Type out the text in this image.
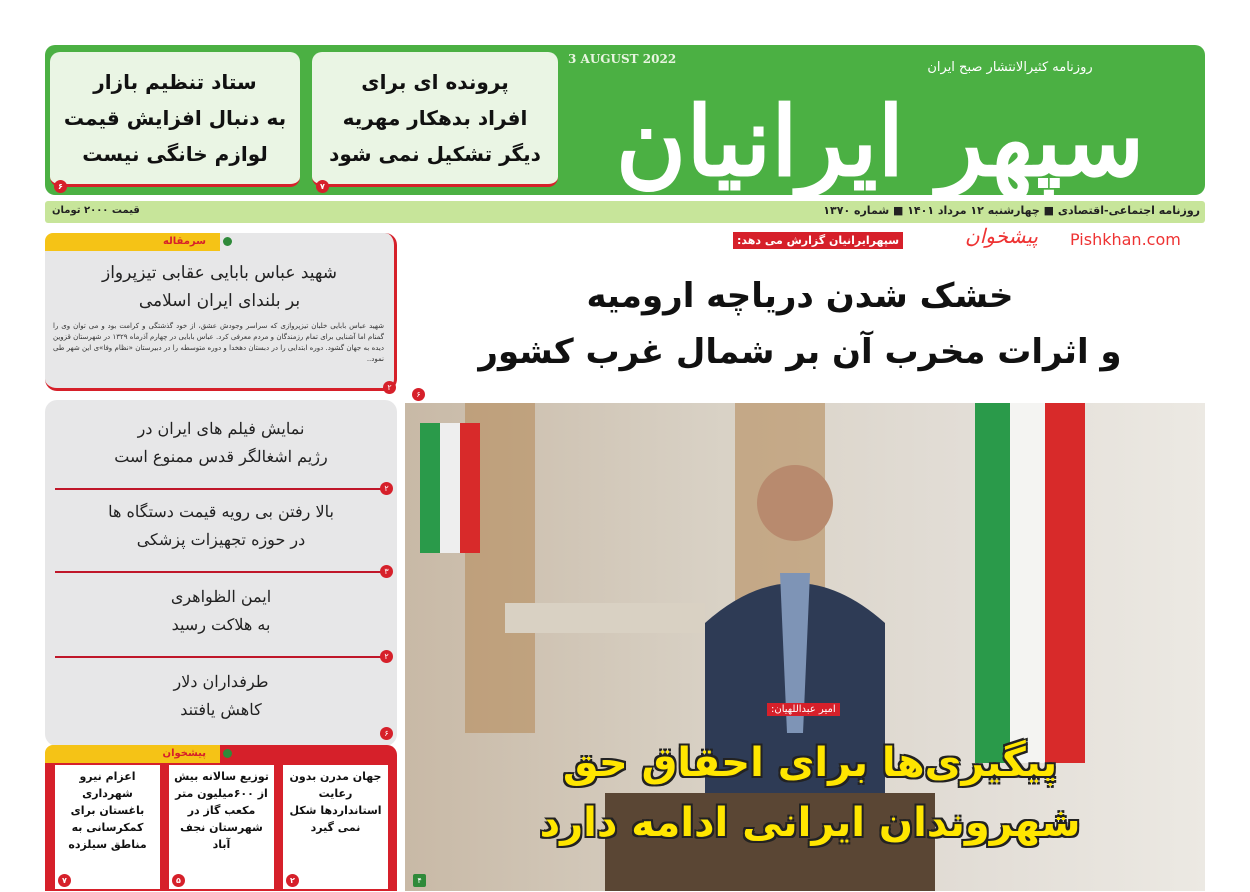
سپهر ایرانیان
3 AUGUST 2022
روزنامه کثیرالانتشار صبح ایران
ستاد تنظیم بازار
به دنبال افزایش قیمت
لوازم خانگی نیست
۶
پرونده ای برای
افراد بدهکار مهریه
دیگر تشکیل نمی شود
۷
روزنامه اجتماعی-اقتصادی ■ چهارشنبه ۱۲ مرداد ۱۴۰۱ ■ شماره ۱۳۷۰
قیمت ۲۰۰۰ تومان
پیشخوان Pishkhan.com
سرمقاله
شهید عباس بابایی عقابی تیزپرواز
بر بلندای ایران اسلامی
شهید عباس بابایی خلبان تیزپروازی که سراسر وجودش عشق، از خود گذشتگی و کرامت بود و می توان وی را گمنام اما آشنایی برای تمام رزمندگان و مردم معرفی کرد. عباس بابایی در چهارم آذرماه ۱۳۲۹ در شهرستان قزوین دیده به جهان گشود. دوره ابتدایی را در دبستان دهخدا و دوره متوسطه را در دبیرستان «نظام وفا»ی این شهر طی نمود..
۲
نمایش فیلم های ایران در
رژیم اشغالگر قدس ممنوع است
۲
بالا رفتن بی رویه قیمت دستگاه ها
در حوزه تجهیزات پزشکی
۳
ایمن الظواهری
به هلاکت رسید
۲
طرفداران دلار
کاهش یافتند
۶
پیشخوان
جهان مدرن بدون رعایت استانداردها شکل نمی گیرد
۲
توزیع سالانه بیش از ۶۰۰میلیون متر مکعب گاز در شهرستان نجف آباد
۵
اعزام نیرو شهرداری باغستان برای کمکرسانی به مناطق سیلزده
۷
سپهرایرانیان گزارش می دهد:
خشک شدن دریاچه ارومیه
و اثرات مخرب آن بر شمال غرب کشور
۶
امیر عبداللهیان:
پیگیری‌ها برای احقاق حق
شهروندان ایرانی ادامه دارد
۴
